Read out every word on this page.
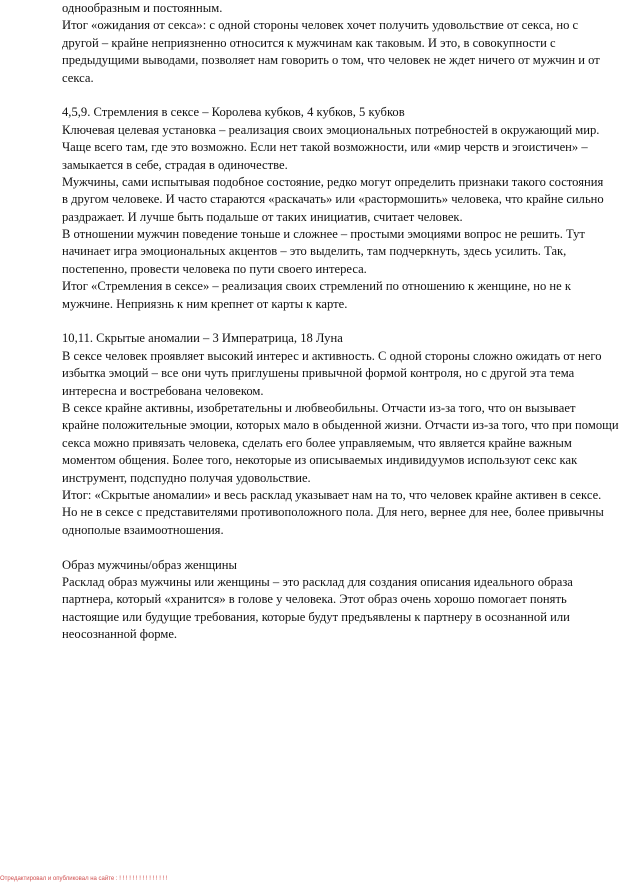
однообразным и постоянным.
Итог «ожидания от секса»: с одной стороны человек хочет получить удовольствие от секса, но с
другой – крайне неприязненно относится к мужчинам как таковым. И это, в совокупности с
предыдущими выводами, позволяет нам говорить о том, что человек не ждет ничего от мужчин и от
секса.
4,5,9. Стремления в сексе – Королева кубков, 4 кубков, 5 кубков
Ключевая целевая установка – реализация своих эмоциональных потребностей в окружающий мир.
Чаще всего там, где это возможно. Если нет такой возможности, или «мир черств и эгоистичен» –
замыкается в себе, страдая в одиночестве.
Мужчины, сами испытывая подобное состояние, редко могут определить признаки такого состояния
в другом человеке. И часто стараются «раскачать» или «растормошить» человека, что крайне сильно
раздражает. И лучше быть подальше от таких инициатив, считает человек.
В отношении мужчин поведение тоньше и сложнее – простыми эмоциями вопрос не решить. Тут
начинает игра эмоциональных акцентов – это выделить, там подчеркнуть, здесь усилить. Так,
постепенно, провести человека по пути своего интереса.
Итог «Стремления в сексе» – реализация своих стремлений по отношению к женщине, но не к
мужчине. Неприязнь к ним крепнет от карты к карте.
10,11. Скрытые аномалии – 3 Императрица, 18 Луна
В сексе человек проявляет высокий интерес и активность. С одной стороны сложно ожидать от него
избытка эмоций – все они чуть приглушены привычной формой контроля, но с другой эта тема
интересна и востребована человеком.
В сексе крайне активны, изобретательны и любвеобильны. Отчасти из-за того, что он вызывает
крайне положительные эмоции, которых мало в обыденной жизни. Отчасти из-за того, что при помощи
секса можно привязать человека, сделать его более управляемым, что является крайне важным
моментом общения. Более того, некоторые из описываемых индивидуумов используют секс как
инструмент, подспудно получая удовольствие.
Итог: «Скрытые аномалии» и весь расклад указывает нам на то, что человек крайне активен в сексе.
Но не в сексе с представителями противоположного пола. Для него, вернее для нее, более привычны
однополые взаимоотношения.
Образ мужчины/образ женщины
Расклад образ мужчины или женщины – это расклад для создания описания идеального образа
партнера, который «хранится» в голове у человека. Этот образ очень хорошо помогает понять
настоящие или будущие требования, которые будут предъявлены к партнеру в осознанной или
неосознанной форме.
Отредактировал и опубликовал на сайте : ! ! ! ! ! ! ! ! ! ! ! ! ! ! !
